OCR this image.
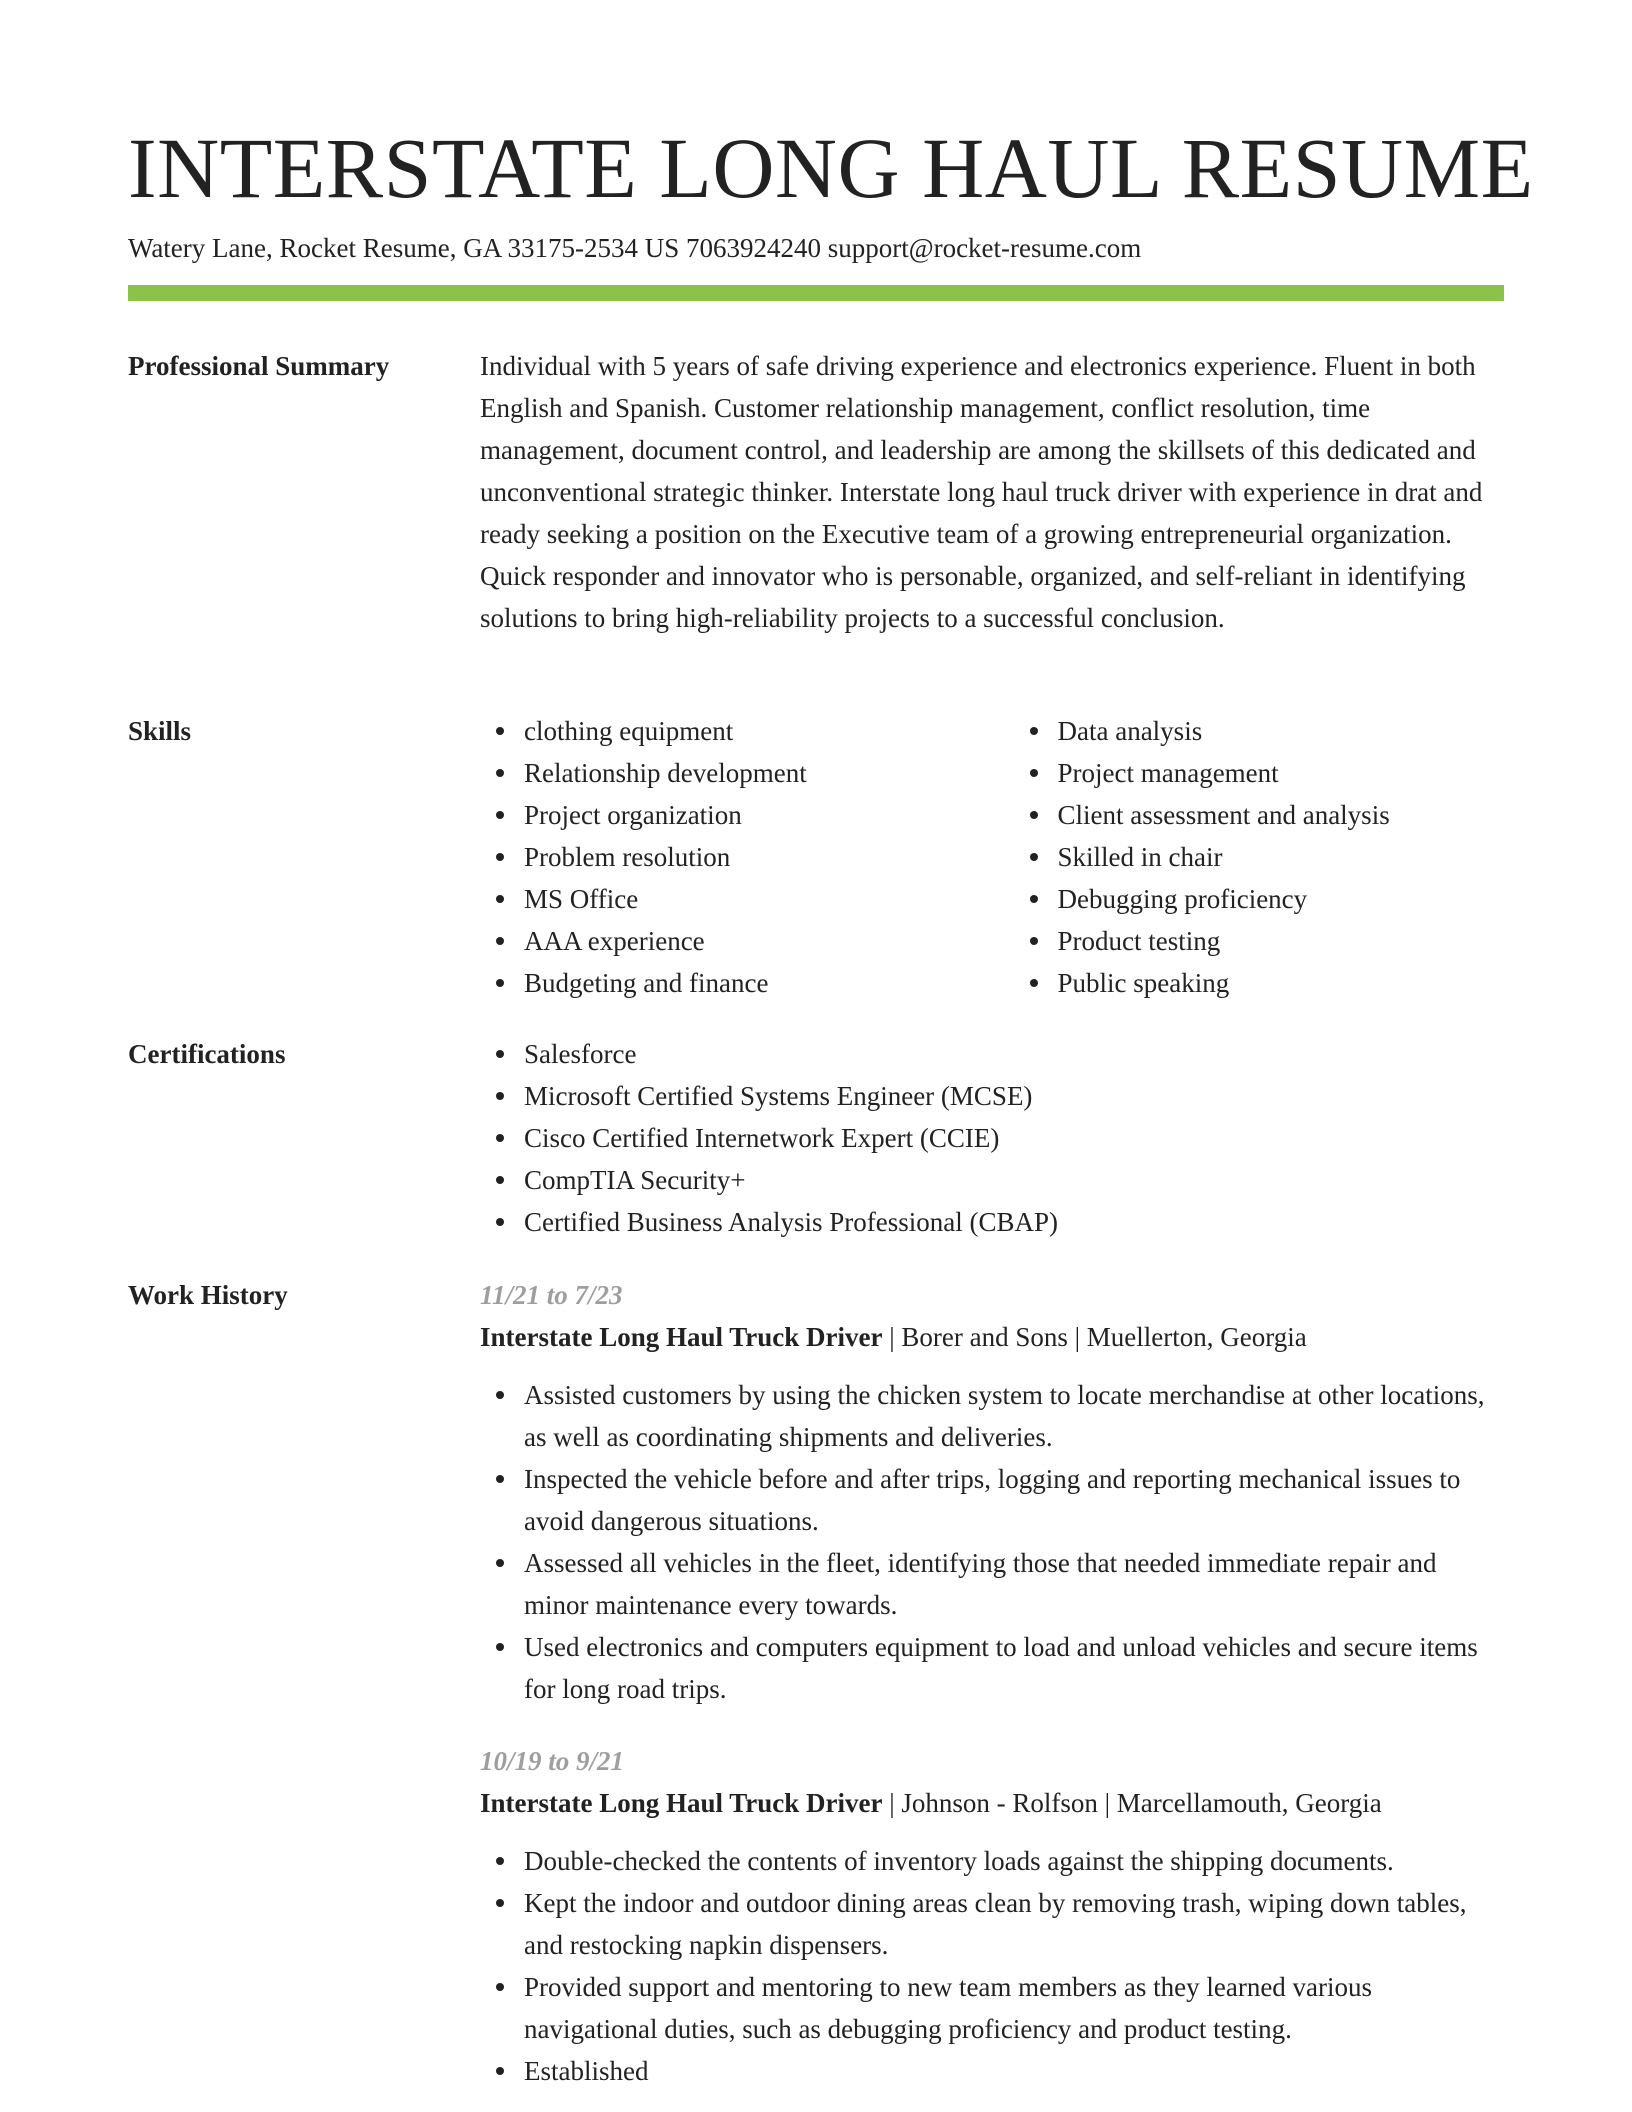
INTERSTATE LONG HAUL RESUME
Watery Lane, Rocket Resume, GA 33175-2534 US 7063924240 support@rocket-resume.com
Professional Summary	Individual with 5 years of safe driving experience and electronics experience. Fluent in both English and Spanish. Customer relationship management, conflict resolution, time management, document control, and leadership are among the skillsets of this dedicated and unconventional strategic thinker. Interstate long haul truck driver with experience in drat and ready seeking a position on the Executive team of a growing entrepreneurial organization. Quick responder and innovator who is personable, organized, and self-reliant in identifying solutions to bring high-reliability projects to a successful conclusion.

Skills	clothing equipment
Relationship development
Project organization
Problem resolution
MS Office
AAA experience
Budgeting and finance
Data analysis
Project management
Client assessment and analysis
Skilled in chair
Debugging proficiency
Product testing
Public speaking
Certifications	Salesforce
Microsoft Certified Systems Engineer (MCSE)
Cisco Certified Internetwork Expert (CCIE)
CompTIA Security+
Certified Business Analysis Professional (CBAP)
Work History	11/21 to 7/23
Interstate Long Haul Truck Driver | Borer and Sons | Muellerton, Georgia
Assisted customers by using the chicken system to locate merchandise at other locations, as well as coordinating shipments and deliveries.
Inspected the vehicle before and after trips, logging and reporting mechanical issues to avoid dangerous situations.
Assessed all vehicles in the fleet, identifying those that needed immediate repair and minor maintenance every towards.
Used electronics and computers equipment to load and unload vehicles and secure items for long road trips.
10/19 to 9/21
Interstate Long Haul Truck Driver | Johnson - Rolfson | Marcellamouth, Georgia
Double-checked the contents of inventory loads against the shipping documents.
Kept the indoor and outdoor dining areas clean by removing trash, wiping down tables, and restocking napkin dispensers.
Provided support and mentoring to new team members as they learned various navigational duties, such as debugging proficiency and product testing.
Established
